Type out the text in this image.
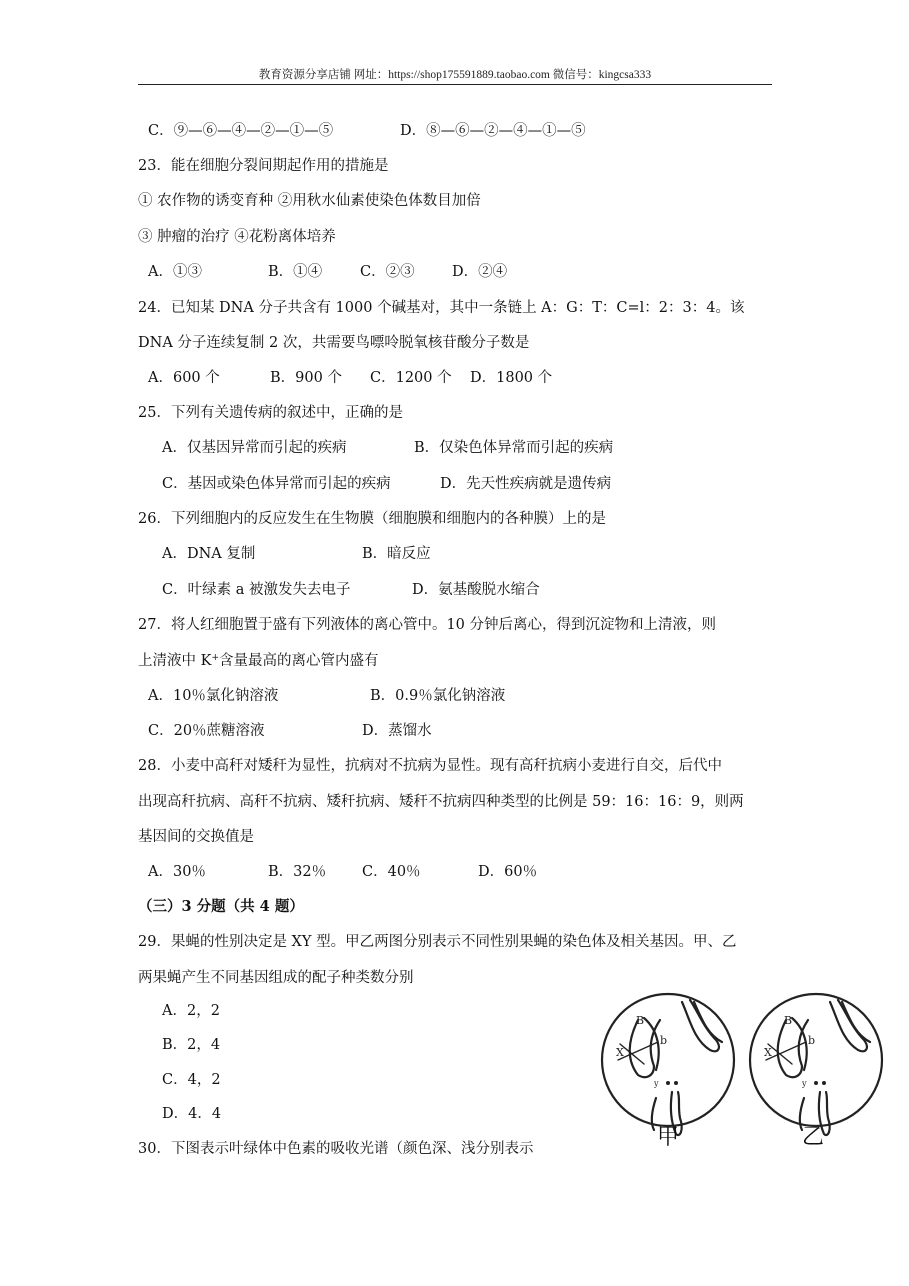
教育资源分享店铺 网址：https://shop175591889.taobao.com 微信号：kingcsa333
C．⑨—⑥—④—②—①—⑤	D．⑧—⑥—②—④—①—⑤
23．能在细胞分裂间期起作用的措施是
① 农作物的诱变育种 ②用秋水仙素使染色体数目加倍
③ 肿瘤的治疗 ④花粉离体培养
A．①③	B．①④	C．②③	D．②④
24．已知某 DNA 分子共含有 1000 个碱基对，其中一条链上 A：G：T：C=l：2：3：4。该
DNA 分子连续复制 2 次，共需要鸟嘌呤脱氧核苷酸分子数是
A．600 个	B．900 个 C．1200 个 D．1800 个
25．下列有关遗传病的叙述中，正确的是
A．仅基因异常而引起的疾病	B．仅染色体异常而引起的疾病
C．基因或染色体异常而引起的疾病	D．先天性疾病就是遗传病
26．下列细胞内的反应发生在生物膜（细胞膜和细胞内的各种膜）上的是
A．DNA 复制	B．暗反应
C．叶绿素 a 被激发失去电子	D．氨基酸脱水缩合
27．将人红细胞置于盛有下列液体的离心管中。10 分钟后离心，得到沉淀物和上清液，则
上清液中 K+含量最高的离心管内盛有
A．10％氯化钠溶液	B．0.9％氯化钠溶液
C．20％蔗糖溶液	D．蒸馏水
28．小麦中高秆对矮秆为显性，抗病对不抗病为显性。现有高秆抗病小麦进行自交，后代中
出现高秆抗病、高秆不抗病、矮秆抗病、矮秆不抗病四种类型的比例是 59：16：16：9，则两
基因间的交换值是
A．30％	B．32％ C．40％	D．60％
（三）3 分题（共 4 题）
29．果蝇的性别决定是 XY 型。甲乙两图分别表示不同性别果蝇的染色体及相关基因。甲、乙
两果蝇产生不同基因组成的配子种类数分别
A．2，2
B．2，4
C．4，2
D．4．4
B
X
b
y
B
X
b
y
甲	乙
30．下图表示叶绿体中色素的吸收光谱（颜色深、浅分别表示
